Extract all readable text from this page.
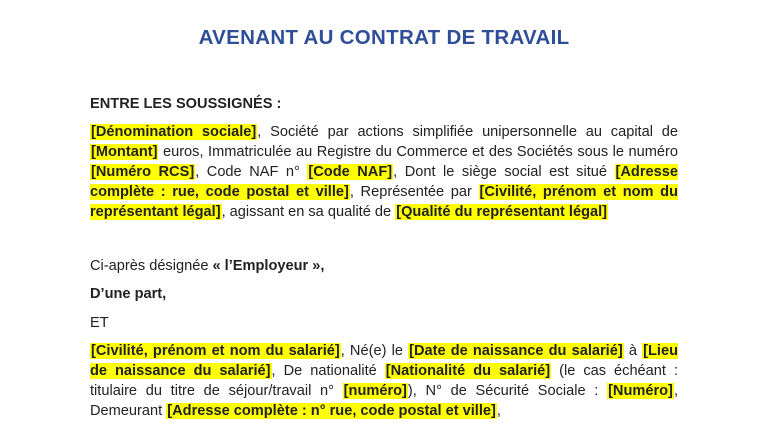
AVENANT AU CONTRAT DE TRAVAIL
ENTRE LES SOUSSIGNÉS :
[Dénomination sociale], Société par actions simplifiée unipersonnelle au capital de [Montant] euros, Immatriculée au Registre du Commerce et des Sociétés sous le numéro [Numéro RCS], Code NAF n° [Code NAF], Dont le siège social est situé [Adresse complète : rue, code postal et ville], Représentée par [Civilité, prénom et nom du représentant légal], agissant en sa qualité de [Qualité du représentant légal]
Ci-après désignée « l’Employeur »,
D’une part,
ET
[Civilité, prénom et nom du salarié], Né(e) le [Date de naissance du salarié] à [Lieu de naissance du salarié], De nationalité [Nationalité du salarié] (le cas échéant : titulaire du titre de séjour/travail n° [numéro]), N° de Sécurité Sociale : [Numéro], Demeurant [Adresse complète : n° rue, code postal et ville],
